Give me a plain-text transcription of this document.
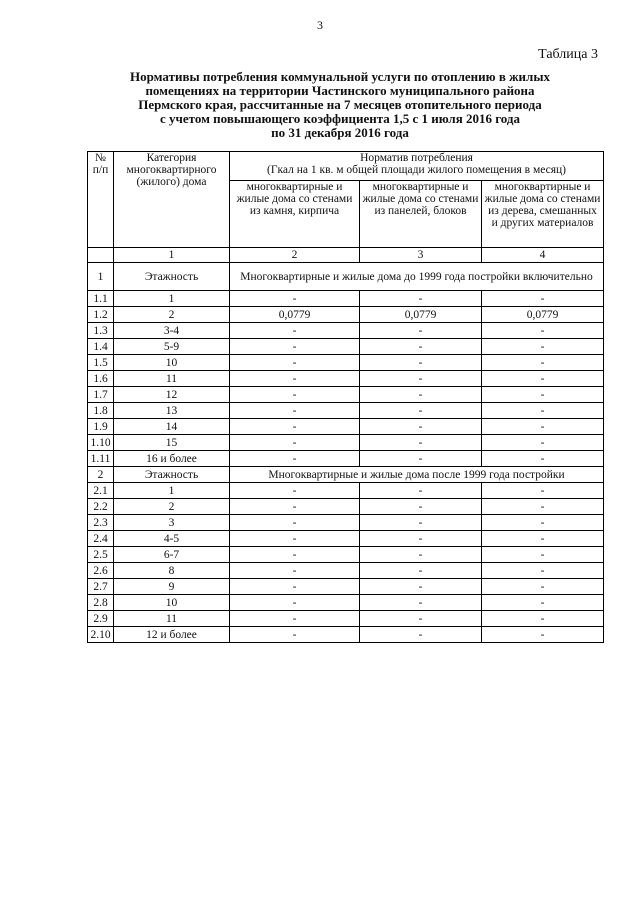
3
Таблица 3
Нормативы потребления коммунальной услуги по отоплению в жилых
помещениях на территории Частинского муниципального района
Пермского края, рассчитанные на 7 месяцев отопительного периода
с учетом повышающего коэффициента 1,5 с 1 июля 2016 года
по 31 декабря 2016 года
№ п/п	Категория многоквартирного (жилого) дома	Норматив потребления
(Гкал на 1 кв. м общей площади жилого помещения в месяц)		

		многоквартирные и жилые дома со стенами из камня, кирпича	многоквартирные и жилые дома со стенами из панелей, блоков	многоквартирные и жилые дома со стенами из дерева, смешанных и других материалов
	1	2	3	4
1	Этажность	Многоквартирные и жилые дома до 1999 года постройки включительно		
1.1	1	-	-	-
1.2	2	0,0779	0,0779	0,0779
1.3	3-4	-	-	-
1.4	5-9	-	-	-
1.5	10	-	-	-
1.6	11	-	-	-
1.7	12	-	-	-
1.8	13	-	-	-
1.9	14	-	-	-
1.10	15	-	-	-
1.11	16 и более	-	-	-
2	Этажность	Многоквартирные и жилые дома после 1999 года постройки		
2.1	1	-	-	-
2.2	2	-	-	-
2.3	3	-	-	-
2.4	4-5	-	-	-
2.5	6-7	-	-	-
2.6	8	-	-	-
2.7	9	-	-	-
2.8	10	-	-	-
2.9	11	-	-	-
2.10	12 и более	-	-	-
